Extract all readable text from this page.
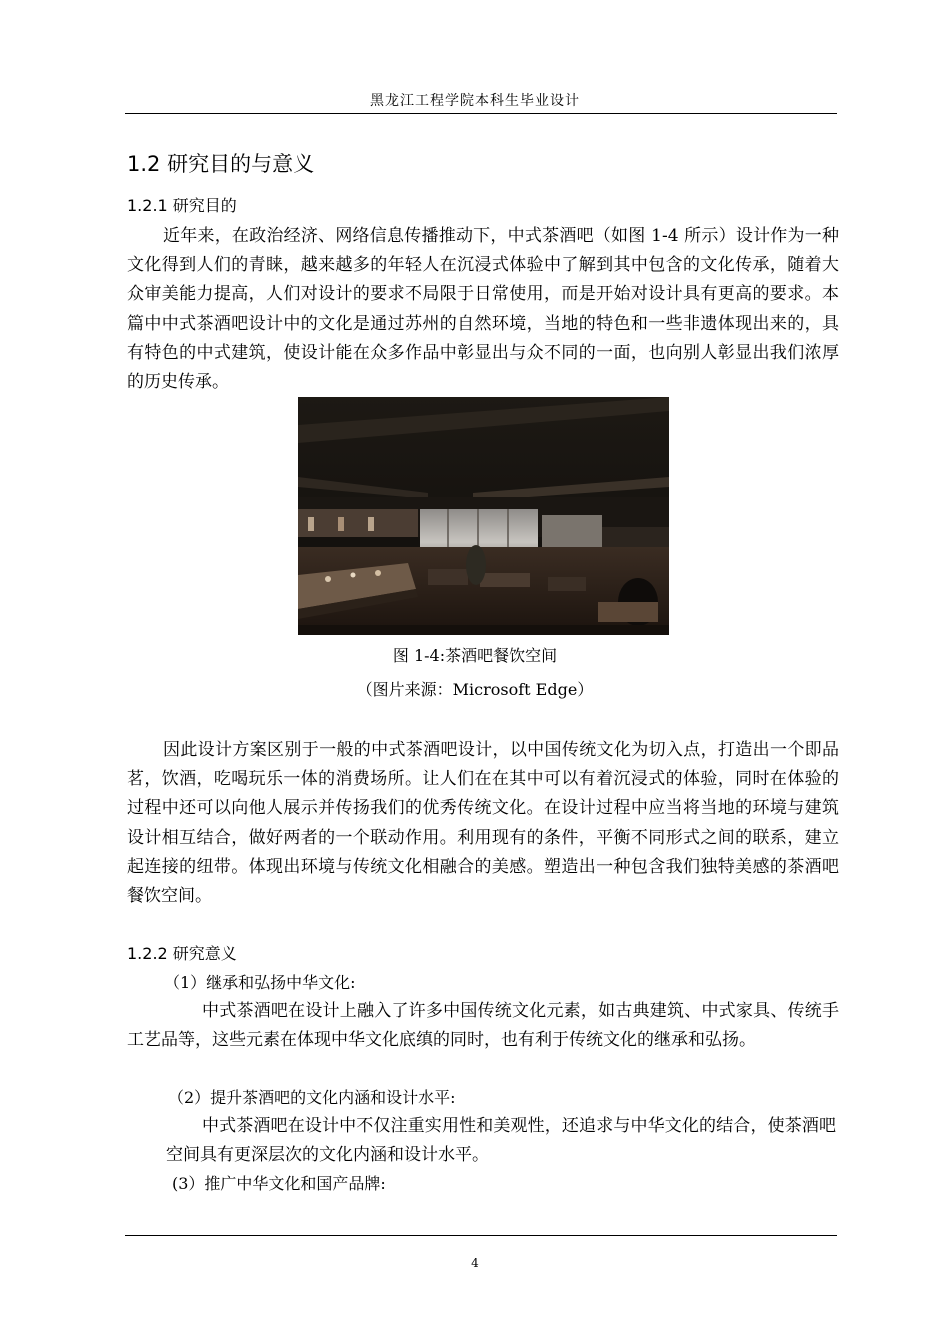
黑龙江工程学院本科生毕业设计
1.2 研究目的与意义
1.2.1 研究目的

近年来，在政治经济、网络信息传播推动下，中式茶酒吧（如图 1-4 所示）设计作为一种文化得到人们的青睐，越来越多的年轻人在沉浸式体验中了解到其中包含的文化传承，随着大众审美能力提高，人们对设计的要求不局限于日常使用，而是开始对设计具有更高的要求。本篇中中式茶酒吧设计中的文化是通过苏州的自然环境，当地的特色和一些非遗体现出来的，具有特色的中式建筑，使设计能在众多作品中彰显出与众不同的一面，也向别人彰显出我们浓厚的历史传承。

图 1-4:茶酒吧餐饮空间
（图片来源：Microsoft Edge）

因此设计方案区别于一般的中式茶酒吧设计，以中国传统文化为切入点，打造出一个即品茗，饮酒，吃喝玩乐一体的消费场所。让人们在在其中可以有着沉浸式的体验，同时在体验的过程中还可以向他人展示并传扬我们的优秀传统文化。在设计过程中应当将当地的环境与建筑设计相互结合，做好两者的一个联动作用。利用现有的条件，平衡不同形式之间的联系，建立起连接的纽带。体现出环境与传统文化相融合的美感。塑造出一种包含我们独特美感的茶酒吧餐饮空间。

1.2.2 研究意义
（1）继承和弘扬中华文化:

中式茶酒吧在设计上融入了许多中国传统文化元素，如古典建筑、中式家具、传统手工艺品等，这些元素在体现中华文化底缜的同时，也有利于传统文化的继承和弘扬。

（2）提升茶酒吧的文化内涵和设计水平:

中式茶酒吧在设计中不仅注重实用性和美观性，还追求与中华文化的结合，使茶酒吧空间具有更深层次的文化内涵和设计水平。

(3）推广中华文化和国产品牌:
4
